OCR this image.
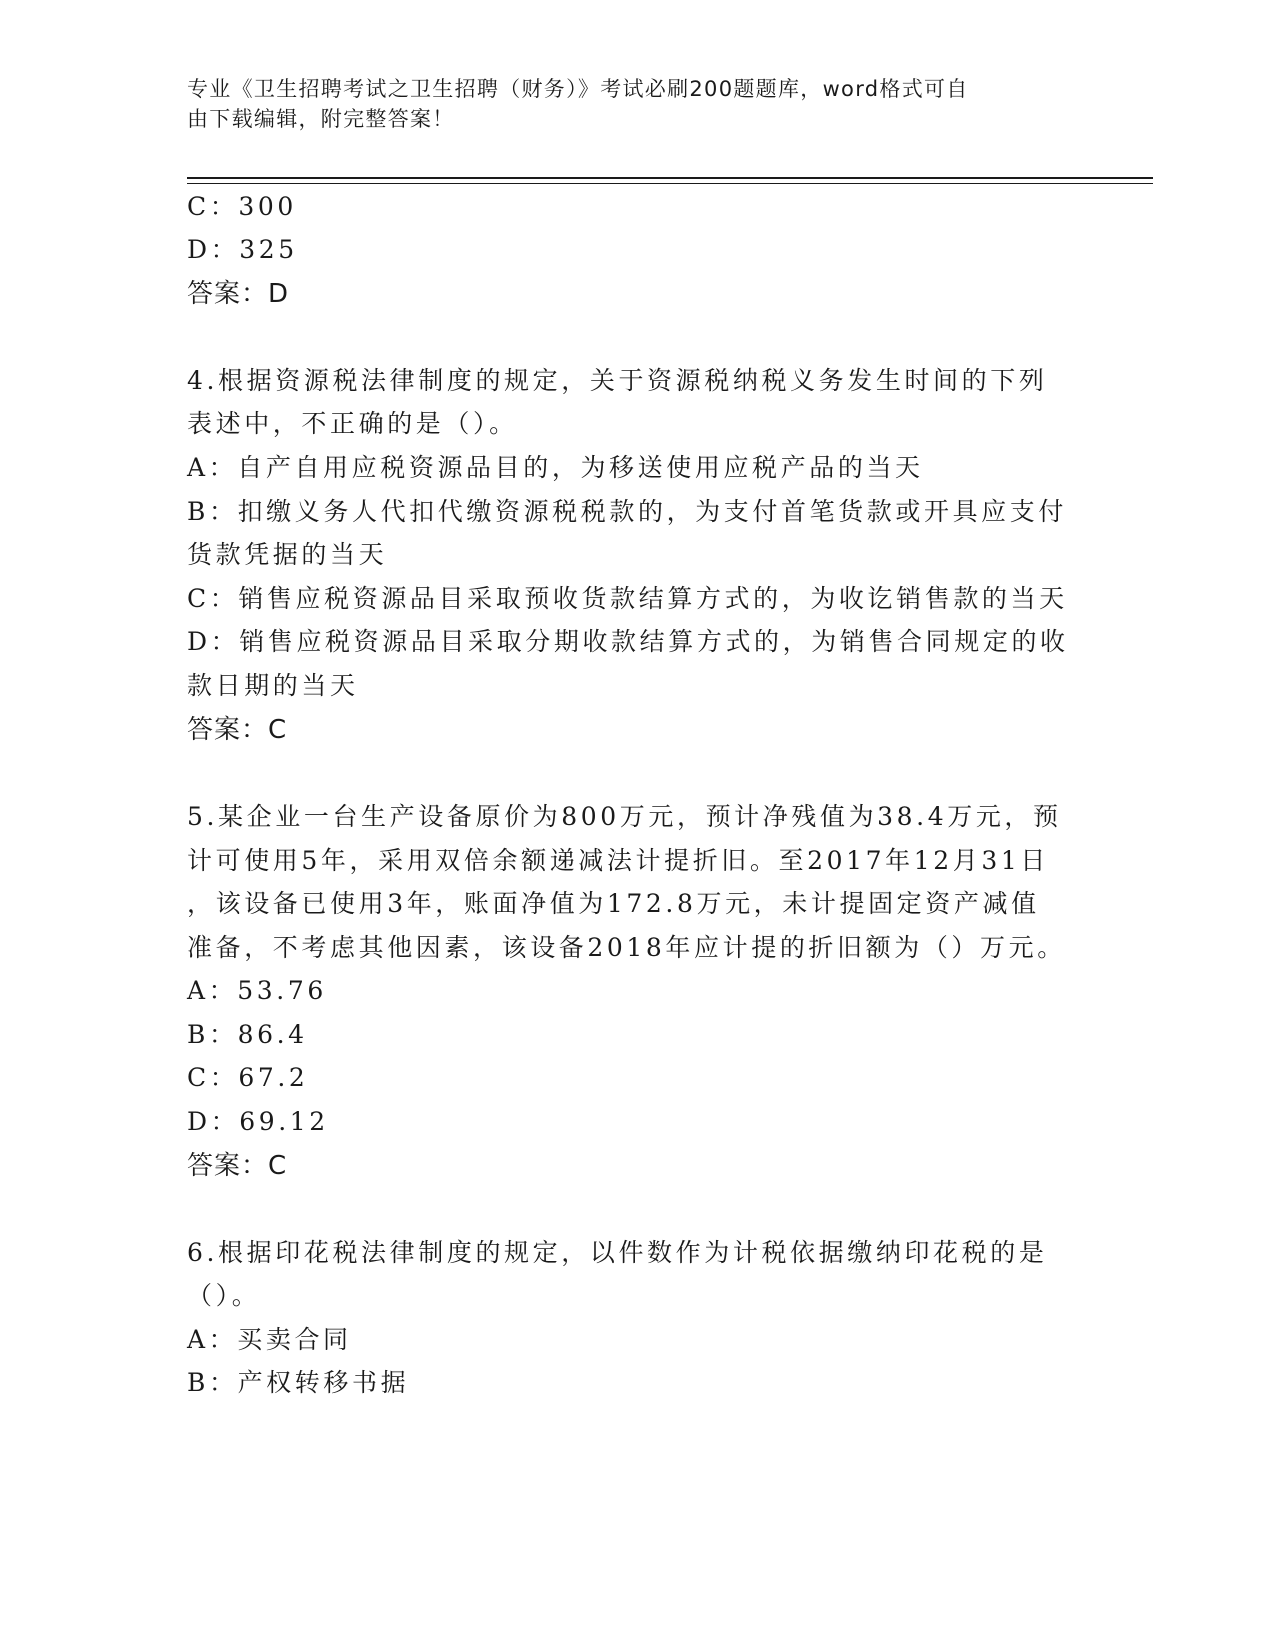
专业《卫生招聘考试之卫生招聘（财务）》考试必刷200题题库，word格式可自
由下载编辑，附完整答案！
C：300
D：325
答案：D
4.根据资源税法律制度的规定，关于资源税纳税义务发生时间的下列
表述中，不正确的是（）。
A：自产自用应税资源品目的，为移送使用应税产品的当天
B：扣缴义务人代扣代缴资源税税款的，为支付首笔货款或开具应支付
货款凭据的当天
C：销售应税资源品目采取预收货款结算方式的，为收讫销售款的当天
D：销售应税资源品目采取分期收款结算方式的，为销售合同规定的收
款日期的当天
答案：C
5.某企业一台生产设备原价为800万元，预计净残值为38.4万元，预
计可使用5年，采用双倍余额递减法计提折旧。至2017年12月31日
，该设备已使用3年，账面净值为172.8万元，未计提固定资产减值
准备，不考虑其他因素，该设备2018年应计提的折旧额为（）万元。
A：53.76
B：86.4
C：67.2
D：69.12
答案：C
6.根据印花税法律制度的规定，以件数作为计税依据缴纳印花税的是
（）。
A：买卖合同
B：产权转移书据
